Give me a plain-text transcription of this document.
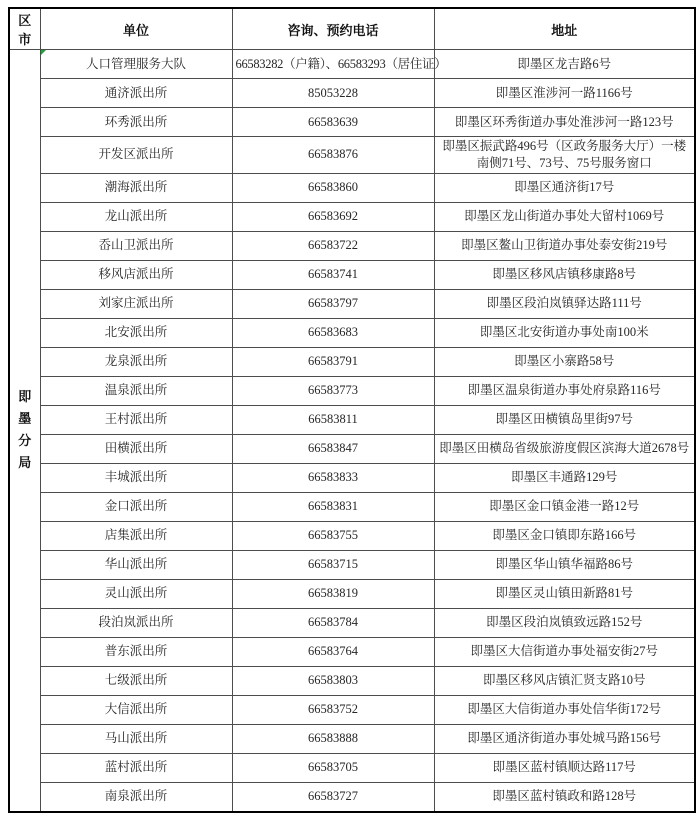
区市	单位	咨询、预约电话	地址

即墨分局	人口管理服务大队	66583282（户籍）、66583293（居住证）	即墨区龙吉路6号
	通济派出所	85053228	即墨区淮涉河一路1166号
	环秀派出所	66583639	即墨区环秀街道办事处淮涉河一路123号
	开发区派出所	66583876	即墨区振武路496号（区政务服务大厅）一楼南侧71号、73号、75号服务窗口
	潮海派出所	66583860	即墨区通济街17号
	龙山派出所	66583692	即墨区龙山街道办事处大留村1069号
	岙山卫派出所	66583722	即墨区鳌山卫街道办事处泰安街219号
	移风店派出所	66583741	即墨区移风店镇移康路8号
	刘家庄派出所	66583797	即墨区段泊岚镇驿达路111号
	北安派出所	66583683	即墨区北安街道办事处南100米
	龙泉派出所	66583791	即墨区小寨路58号
	温泉派出所	66583773	即墨区温泉街道办事处府泉路116号
	王村派出所	66583811	即墨区田横镇岛里街97号
	田横派出所	66583847	即墨区田横岛省级旅游度假区滨海大道2678号
	丰城派出所	66583833	即墨区丰通路129号
	金口派出所	66583831	即墨区金口镇金港一路12号
	店集派出所	66583755	即墨区金口镇即东路166号
	华山派出所	66583715	即墨区华山镇华福路86号
	灵山派出所	66583819	即墨区灵山镇田新路81号
	段泊岚派出所	66583784	即墨区段泊岚镇致远路152号
	普东派出所	66583764	即墨区大信街道办事处福安街27号
	七级派出所	66583803	即墨区移风店镇汇贤支路10号
	大信派出所	66583752	即墨区大信街道办事处信华街172号
	马山派出所	66583888	即墨区通济街道办事处城马路156号
	蓝村派出所	66583705	即墨区蓝村镇顺达路117号
	南泉派出所	66583727	即墨区蓝村镇政和路128号
